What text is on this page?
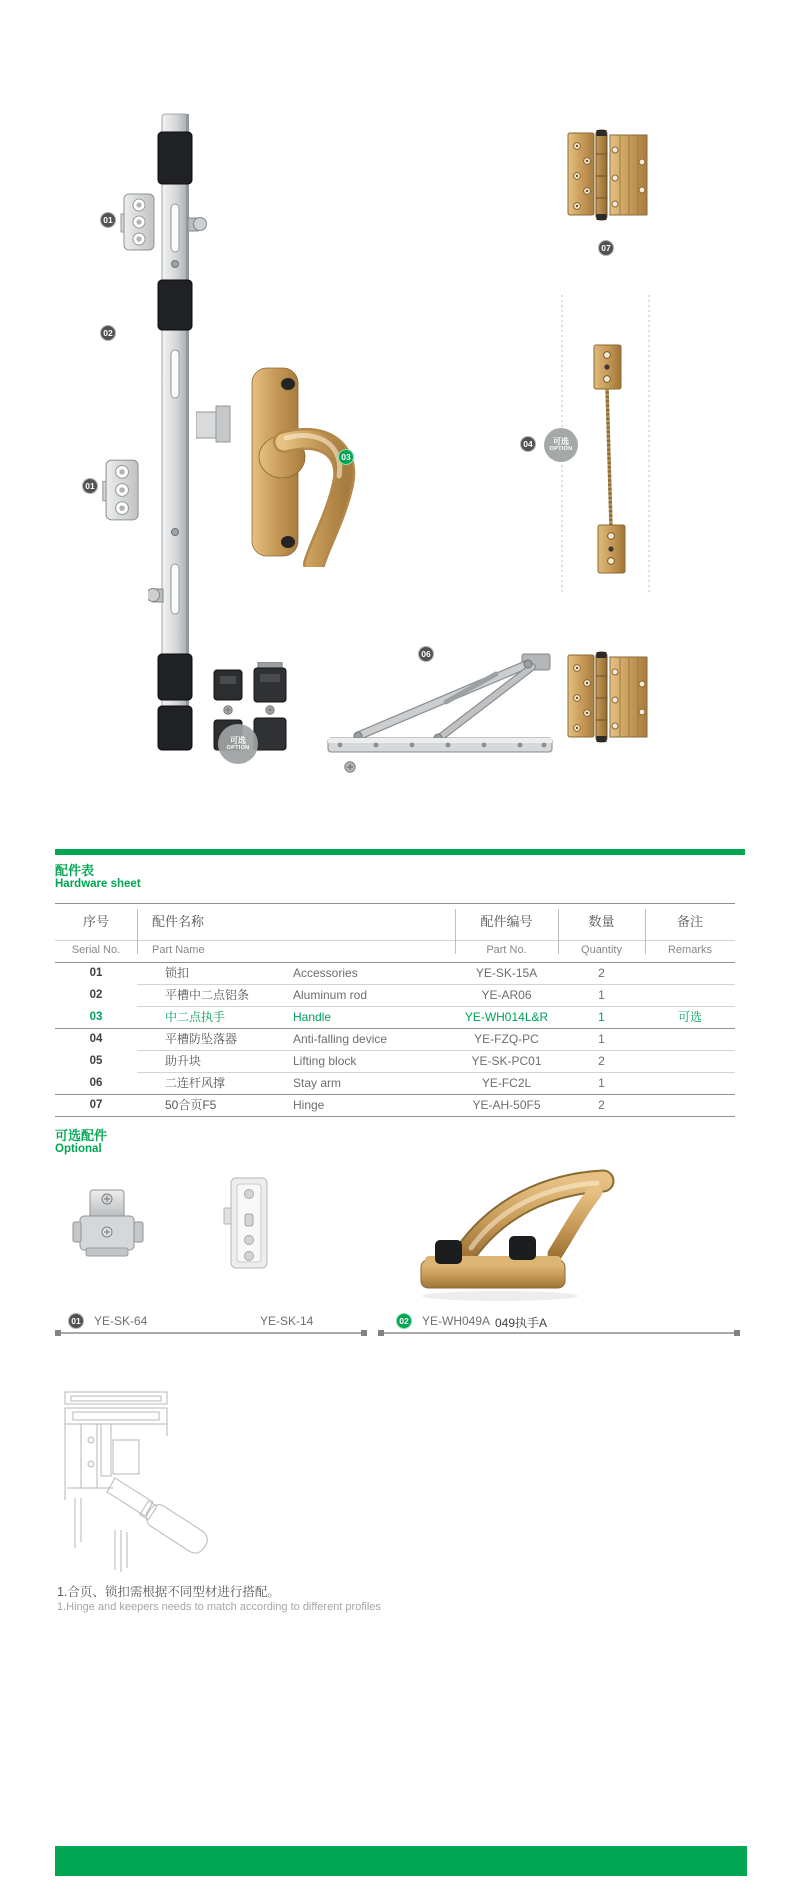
01
02
01
03
04
06
07
可选
OPTION
可选
OPTION
配件表
Hardware sheet
序号	配件名称	配件编号	数量	备注
Serial No.	Part Name	Part No.	Quantity	Remarks
01	锁扣	Accessories	YE-SK-15A	2
02	平槽中二点铝条	Aluminum rod	YE-AR06	1
03	中二点执手	Handle	YE-WH014L&R	1	可选
04	平槽防坠落器	Anti-falling device	YE-FZQ-PC	1
05	助升块	Lifting block	YE-SK-PC01	2
06	二连杆风撑	Stay arm	YE-FC2L	1
07	50合页F5	Hinge	YE-AH-50F5	2
可选配件
Optional
01 YE-SK-64	YE-SK-14	02 YE-WH049A 049执手A
1.合页、锁扣需根据不同型材进行搭配。
1.Hinge and keepers needs to match according to different profiles
